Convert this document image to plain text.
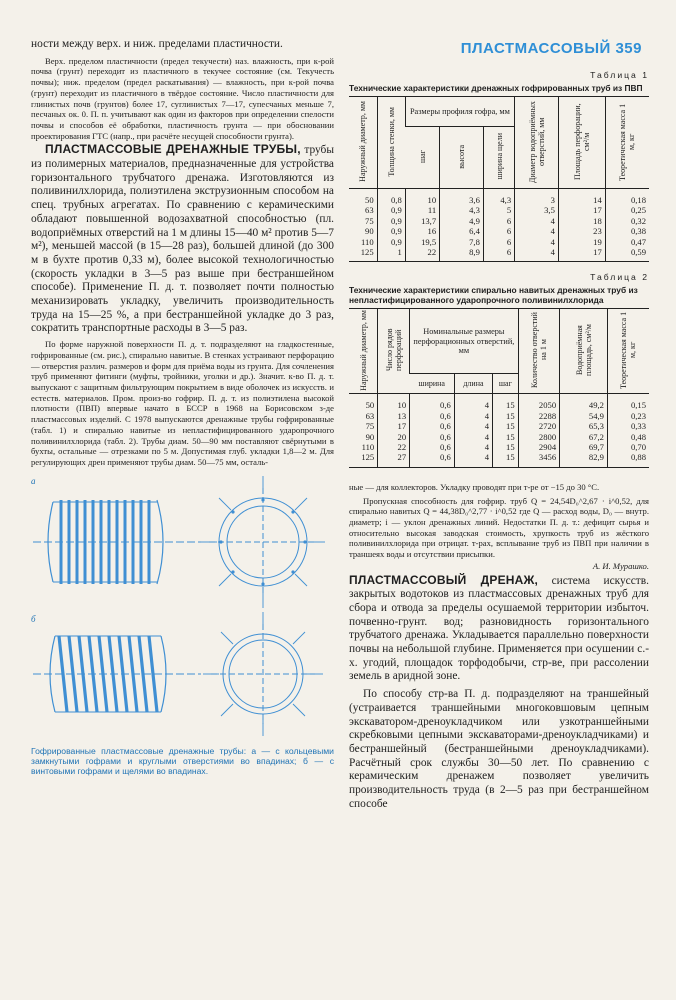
ПЛАСТМАССОВЫЙ 359

ности между верх. и ниж. пределами пластичности.

Верх. пределом пластичности (предел текучести) наз. влажность, при к-рой почва (грунт) переходит из пластичного в текучее состояние (см. Текучесть почвы); ниж. пределом (предел раскатывания) — влажность, при к-рой почва (грунт) переходит из пластичного в твёрдое состояние. Число пластичности для глинистых почв (грунтов) более 17, суглинистых 7—17, супесчаных меньше 7, песчаных ок. 0. П. п. учитывают как один из факторов при определении спелости почвы и способов её обработки, пластичность грунта — при обосновании проектирования ГТС (напр., при расчёте несущей способности грунта).

ПЛАСТМАССОВЫЕ ДРЕНАЖНЫЕ ТРУБЫ, трубы из полимерных материалов, предназначенные для устройства горизонтального трубчатого дренажа. Изготовляются из поливинилхлорида, полиэтилена экструзионным способом на спец. трубных агрегатах. По сравнению с керамическими обладают повышенной водозахватной способностью (пл. водоприёмных отверстий на 1 м длины 15—40 м² против 5—7 м²), меньшей массой (в 15—28 раз), большей длиной (до 300 м в бухте против 0,33 м), более высокой технологичностью (скорость укладки в 3—5 раз выше при бестраншейном способе). Применение П. д. т. позволяет почти полностью механизировать укладку, увеличить производительность труда на 15—25 %, а при бестраншейной укладке до 3 раз, сократить транспортные расходы в 3—5 раз.

По форме наружной поверхности П. д. т. подразделяют на гладкостенные, гофрированные (см. рис.), спирально навитые. В стенках устраивают перфорацию — отверстия различ. размеров и форм для приёма воды из грунта. Для сочленения труб применяют фитинги (муфты, тройники, уголки и др.). Значит. к-во П. д. т. выпускают с защитным фильтрующим покрытием в виде оболочек из искусств. и естеств. материалов. Пром. произ-во гофрир. П. д. т. из полиэтилена высокой плотности (ПВП) впервые начато в БССР в 1968 на Борисовском з-де пластмассовых изделий. С 1978 выпускаются дренажные трубы гофрированные (табл. 1) и спирально навитые из непластифицированного ударопрочного поливинилхлорида (табл. 2). Трубы диам. 50—90 мм поставляют свёрнутыми в бухты, остальные — отрезками по 5 м. Допустимая глуб. укладки 1,8—2 м. Для регулирующих дрен применяют трубы диам. 50—75 мм, осталь-

а
б

Гофрированные пластмассовые дренажные трубы: а — с кольцевыми замкнутыми гофрами и круглыми отверстиями во впадинах; б — с винтовыми гофрами и щелями во впадинах.

Таблица 1
Технические характеристики дренажных гофрированных труб из ПВП
Наружный диаметр, мм	Толщина стенки, мм	Размеры профиля гофра, мм			Диаметр водоприёмных отверстий, мм	Площадь перфорации, см²/м	Теоретическая масса 1 м, кг
		шаг	высота	ширина щели			
50	0,8	10	3,6	4,3	3	14	0,18
63	0,9	11	4,3	5	3,5	17	0,25
75	0,9	13,7	4,9	6	4	18	0,32
90	0,9	16	6,4	6	4	23	0,38
110	0,9	19,5	7,8	6	4	19	0,47
125	1	22	8,9	6	4	17	0,59
Таблица 2
Технические характеристики спирально навитых дренажных труб из непластифицированного ударопрочного поливинилхлорида
Наружный диаметр, мм	Число рядов перфораций	Номинальные размеры перфорационных отверстий, мм			Количество отверстий на 1 м	Водоприёмная площадь, см²/м	Теоретическая масса 1 м, кг
		ширина	длина	шаг			
50	10	0,6	4	15	2050	49,2	0,15
63	13	0,6	4	15	2288	54,9	0,23
75	17	0,6	4	15	2720	65,3	0,33
90	20	0,6	4	15	2800	67,2	0,48
110	22	0,6	4	15	2904	69,7	0,70
125	27	0,6	4	15	3456	82,9	0,88

ные — для коллекторов. Укладку проводят при т-ре от −15 до 30 °С.

Пропускная способность для гофрир. труб Q = 24,54D₀^2,67 · i^0,52, для спирально навитых Q = 44,38D₀^2,77 · i^0,52 где Q — расход воды, D₀ — внутр. диаметр; i — уклон дренажных линий. Недостатки П. д. т.: дефицит сырья и относительно высокая заводская стоимость, хрупкость труб из жёсткого поливинилхлорида при отрицат. т-рах, всплывание труб из ПВП при наличии в траншеях воды и отсутствии присыпки.

А. И. Мурашко.

ПЛАСТМАССОВЫЙ ДРЕНАЖ, система искусств. закрытых водотоков из пластмассовых дренажных труб для сбора и отвода за пределы осушаемой территории избыточ. почвенно-грунт. вод; разновидность горизонтального трубчатого дренажа. Укладывается параллельно поверхности почвы на небольшой глубине. Применяется при осушении с.-х. угодий, площадок торфодобычи, стр-ве, при рассолении земель в аридной зоне.

По способу стр-ва П. д. подразделяют на траншейный (устраивается траншейными многоковшовым цепным экскаватором-дреноукладчиком или узкотраншейными скребковыми цепными экскаваторами-дреноукладчиками) и бестраншейный (бестраншейными дреноукладчиками). Расчётный срок службы 30—50 лет. По сравнению с керамическим дренажем позволяет увеличить производительность труда (в 2—5 раз при бестраншейном способе
